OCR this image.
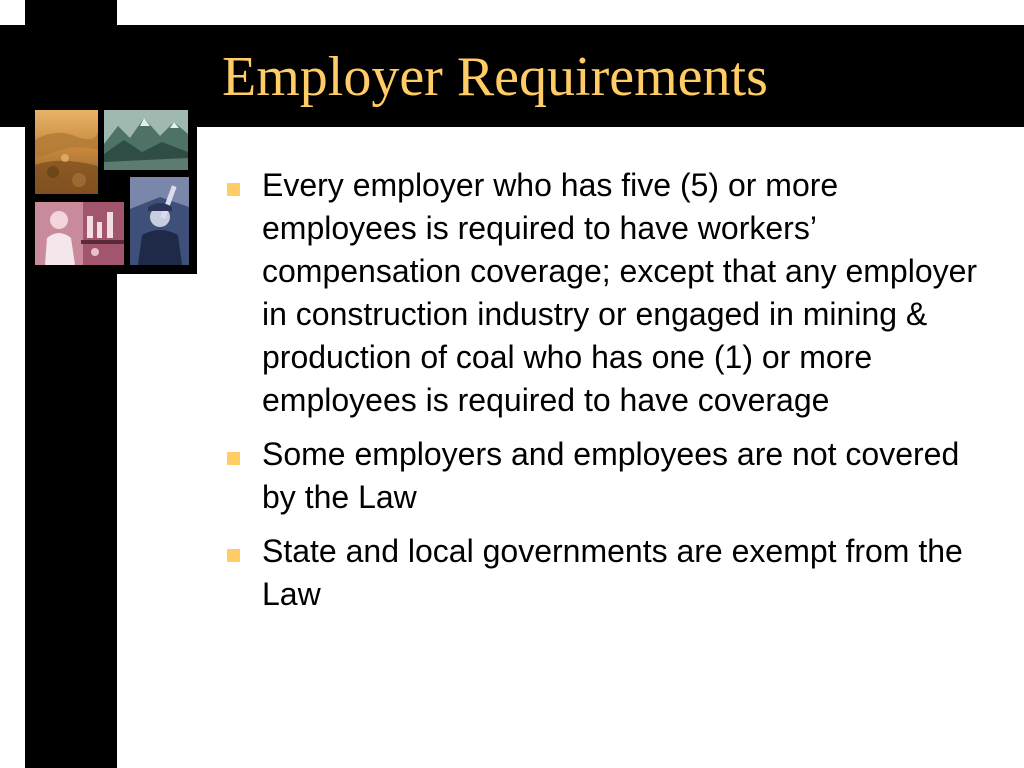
Employer Requirements
Every employer who has five (5) or more employees is required to have workers’ compensation coverage; except that any employer in construction industry or engaged in mining & production of coal who has one (1) or more employees is required to have coverage
Some employers and employees are not covered by the Law
State and local governments are exempt from the Law
